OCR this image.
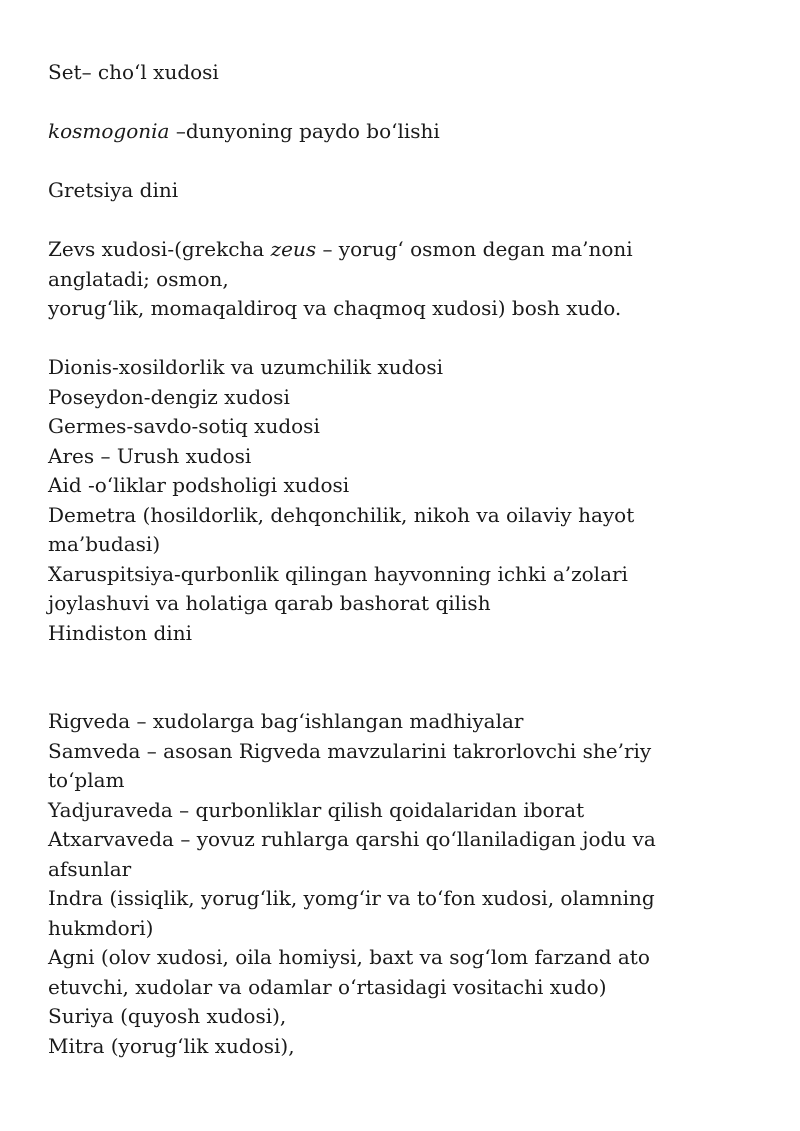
Set– cho‘l xudosi

kosmogonia –dunyoning paydo bo‘lishi

Gretsiya dini

Zevs xudosi-(grekcha zeus – yorug‘ osmon degan ma’noni anglatadi; osmon,

yorug‘lik, momaqaldiroq va chaqmoq xudosi) bosh xudo.

Dionis-xosildorlik va uzumchilik xudosi

Poseydon-dengiz xudosi

Germes-savdo-sotiq xudosi

Ares – Urush xudosi

Aid -o‘liklar podsholigi xudosi

Demetra (hosildorlik, dehqonchilik, nikoh va oilaviy hayot ma’budasi)

Xaruspitsiya-qurbonlik qilingan hayvonning ichki a’zolari joylashuvi va holatiga qarab bashorat qilish

Hindiston dini

Rigveda – xudolarga bag‘ishlangan madhiyalar

Samveda – asosan Rigveda mavzularini takrorlovchi she’riy to‘plam

Yadjuraveda – qurbonliklar qilish qoidalaridan iborat

Atxarvaveda – yovuz ruhlarga qarshi qo‘llaniladigan jodu va afsunlar

Indra (issiqlik, yorug‘lik, yomg‘ir va to‘fon xudosi, olamning hukmdori)

Agni (olov xudosi, oila homiysi, baxt va sog‘lom farzand ato etuvchi, xudolar va odamlar o‘rtasidagi vositachi xudo)

Suriya (quyosh xudosi),

Mitra (yorug‘lik xudosi),
